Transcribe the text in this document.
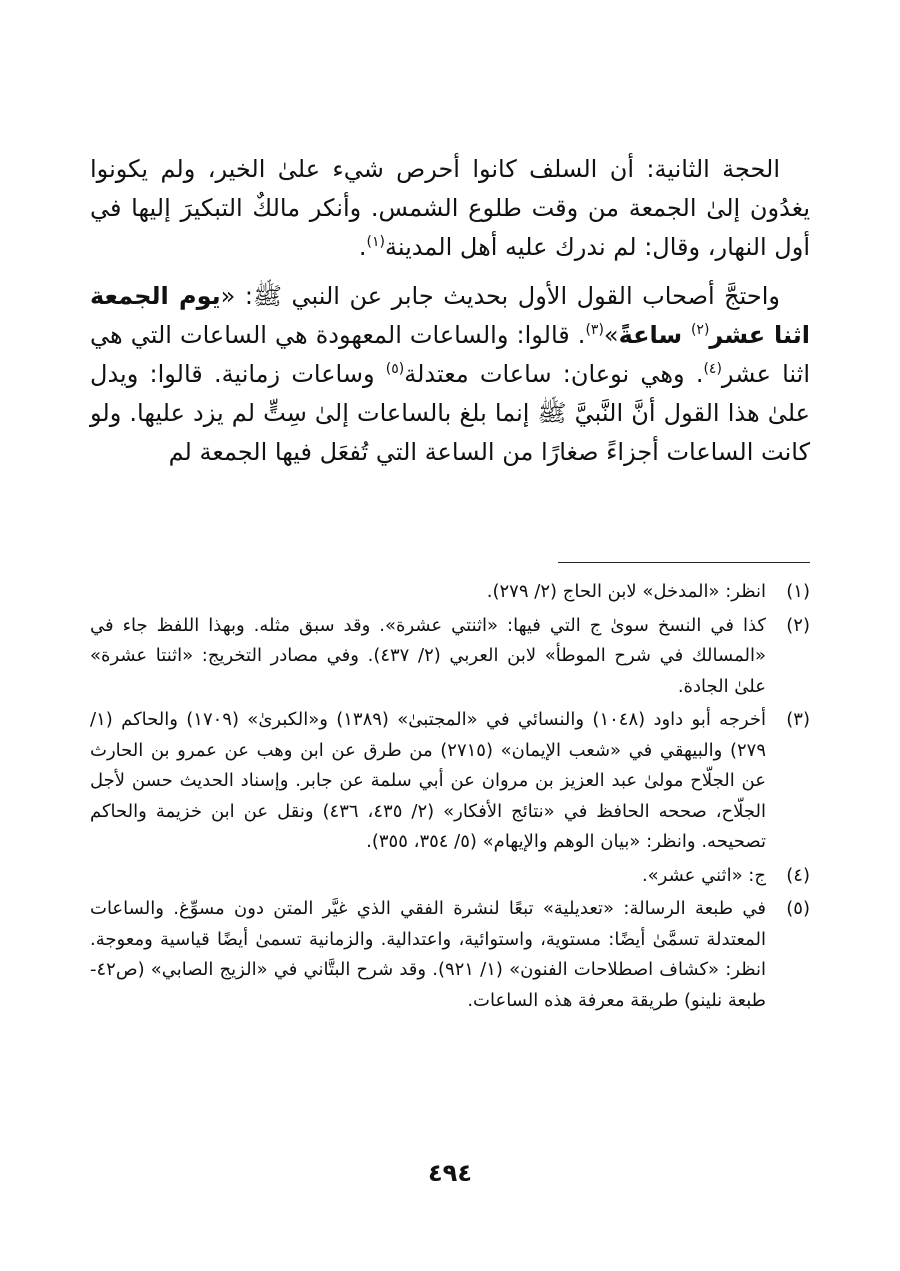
الحجة الثانية: أن السلف كانوا أحرص شيء علىٰ الخير، ولم يكونوا يغدُون إلىٰ الجمعة من وقت طلوع الشمس. وأنكر مالكٌ التبكيرَ إليها في أول النهار، وقال: لم ندرك عليه أهل المدينة$^{(١)}$.

واحتجَّ أصحاب القول الأول بحديث جابر عن النبي ﷺ: «يوم الجمعة اثنا عشر$^{(٢)}$ ساعةً»$^{(٣)}$. قالوا: والساعات المعهودة هي الساعات التي هي اثنا عشر$^{(٤)}$. وهي نوعان: ساعات معتدلة$^{(٥)}$ وساعات زمانية. قالوا: ويدل علىٰ هذا القول أنَّ النَّبيَّ ﷺ إنما بلغ بالساعات إلىٰ سِتٍّ لم يزد عليها. ولو كانت الساعات أجزاءً صغارًا من الساعة التي تُفعَل فيها الجمعة لم

(١)
انظر: «المدخل» لابن الحاج (٢/ ٢٧٩).
(٢)
كذا في النسخ سوىٰ ج التي فيها: «اثنتي عشرة». وقد سبق مثله. وبهذا اللفظ جاء في «المسالك في شرح الموطأ» لابن العربي (٢/ ٤٣٧). وفي مصادر التخريج: «اثنتا عشرة» علىٰ الجادة.
(٣)
أخرجه أبو داود (١٠٤٨) والنسائي في «المجتبىٰ» (١٣٨٩) و«الكبرىٰ» (١٧٠٩) والحاكم (١/ ٢٧٩) والبيهقي في «شعب الإيمان» (٢٧١٥) من طرق عن ابن وهب عن عمرو بن الحارث عن الجلّاح مولىٰ عبد العزيز بن مروان عن أبي سلمة عن جابر. وإسناد الحديث حسن لأجل الجلّاح، صححه الحافظ في «نتائج الأفكار» (٢/ ٤٣٥، ٤٣٦) ونقل عن ابن خزيمة والحاكم تصحيحه. وانظر: «بيان الوهم والإيهام» (٥/ ٣٥٤، ٣٥٥).
(٤)
ج: «اثني عشر».
(٥)
في طبعة الرسالة: «تعديلية» تبعًا لنشرة الفقي الذي غيَّر المتن دون مسوِّغ. والساعات المعتدلة تسمَّىٰ أيضًا: مستوية، واستوائية، واعتدالية. والزمانية تسمىٰ أيضًا قياسية ومعوجة. انظر: «كشاف اصطلاحات الفنون» (١/ ٩٢١). وقد شرح البتَّاني في «الزيج الصابي» (ص٤٢- طبعة نلينو) طريقة معرفة هذه الساعات.
٤٩٤
